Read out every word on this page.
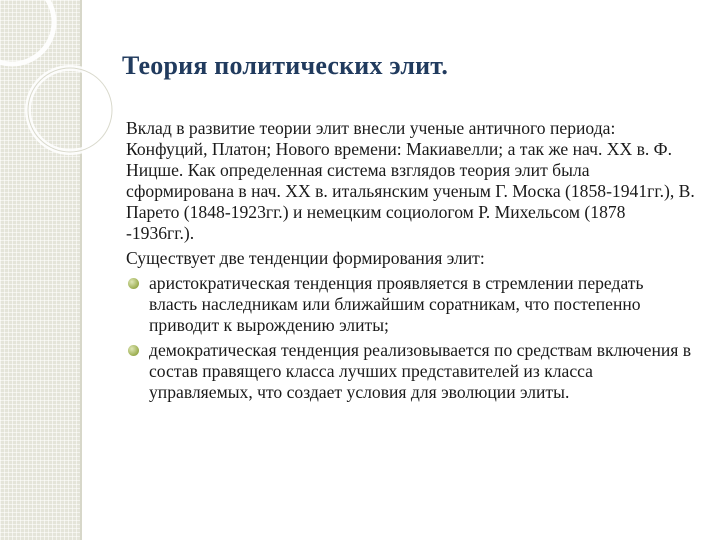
Теория политических элит.

Вклад в развитие теории элит внесли ученые античного периода: Конфуций, Платон; Нового времени: Макиавелли; а так же нач. XX в. Ф. Ницше. Как определенная система взглядов теория элит была сформирована в нач. XX в. итальянским ученым Г. Моска (1858-1941гг.), В. Парето (1848-1923гг.) и немецким социологом Р. Михельсом (1878 -1936гг.).

Существует две тенденции формирования элит:

аристократическая тенденция проявляется в стремлении передать власть наследникам или ближайшим соратникам, что постепенно приводит к вырождению элиты;
демократическая тенденция реализовывается по средствам включения в состав правящего класса лучших представителей из класса управляемых, что создает условия для эволюции элиты.
